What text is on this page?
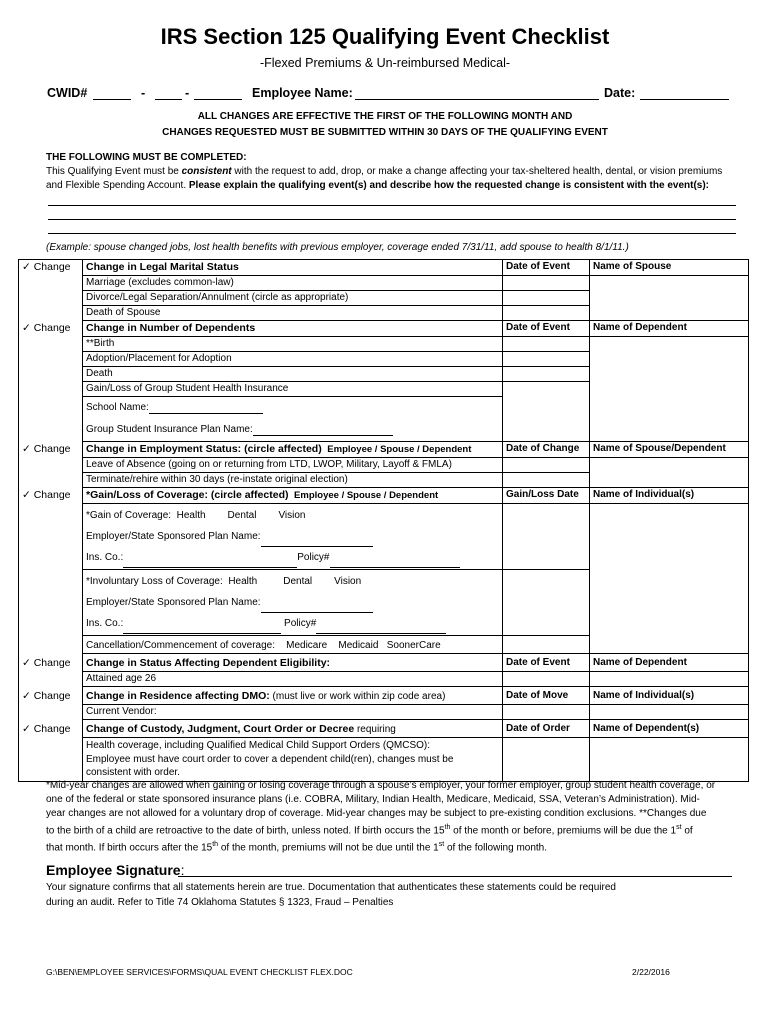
IRS Section 125 Qualifying Event Checklist
-Flexed Premiums & Un-reimbursed Medical-
CWID#	-	-	Employee Name:	Date:
ALL CHANGES ARE EFFECTIVE THE FIRST OF THE FOLLOWING MONTH AND
CHANGES REQUESTED MUST BE SUBMITTED WITHIN 30 DAYS OF THE QUALIFYING EVENT
THE FOLLOWING MUST BE COMPLETED:
This Qualifying Event must be consistent with the request to add, drop, or make a change affecting your tax-sheltered health, dental, or vision premiums
and Flexible Spending Account. Please explain the qualifying event(s) and describe how the requested change is consistent with the event(s):
(Example: spouse changed jobs, lost health benefits with previous employer, coverage ended 7/31/11, add spouse to health 8/1/11.)
✓ Change	Change in Legal Marital Status	Date of Event	Name of Spouse
	Marriage (excludes common-law)		
	Divorce/Legal Separation/Annulment (circle as appropriate)		
	Death of Spouse		
✓ Change	Change in Number of Dependents	Date of Event	Name of Dependent
	**Birth		
	Adoption/Placement for Adoption		
	Death		
	Gain/Loss of Group Student Health Insurance		
	School Name:		
	Group Student Insurance Plan Name:		
✓ Change	Change in Employment Status: (circle affected) Employee / Spouse / Dependent	Date of Change	Name of Spouse/Dependent
	Leave of Absence (going on or returning from LTD, LWOP, Military, Layoff & FMLA)		
	Terminate/rehire within 30 days (re-instate original election)		
✓ Change	*Gain/Loss of Coverage: (circle affected) Employee / Spouse / Dependent	Gain/Loss Date	Name of Individual(s)

	*Gain of Coverage: Health Dental Vision
Employer/State Sponsored Plan Name:
Ins. Co.: Policy#		

	*Involuntary Loss of Coverage: Health Dental Vision
Employer/State Sponsored Plan Name:
Ins. Co.: Policy#		

	Cancellation/Commencement of coverage: Medicare Medicaid SoonerCare		
✓ Change	Change in Status Affecting Dependent Eligibility:	Date of Event	Name of Dependent
	Attained age 26		
✓ Change	Change in Residence affecting DMO: (must live or work within zip code area)	Date of Move	Name of Individual(s)
	Current Vendor:		
✓ Change	Change of Custody, Judgment, Court Order or Decree requiring	Date of Order	Name of Dependent(s)

	Health coverage, including Qualified Medical Child Support Orders (QMCSO):
Employee must have court order to cover a dependent child(ren), changes must be
consistent with order.		

*Mid-year changes are allowed when gaining or losing coverage through a spouse’s employer, your former employer, group student health coverage, or
one of the federal or state sponsored insurance plans (i.e. COBRA, Military, Indian Health, Medicare, Medicaid, SSA, Veteran’s Administration). Mid-
year changes are not allowed for a voluntary drop of coverage. Mid-year changes may be subject to pre-existing condition exclusions. **Changes due
to the birth of a child are retroactive to the date of birth, unless noted. If birth occurs the 15th of the month or before, premiums will be due the 1st of
that month. If birth occurs after the 15th of the month, premiums will not be due until the 1st of the following month.
Employee Signature:
Your signature confirms that all statements herein are true. Documentation that authenticates these statements could be required
during an audit. Refer to Title 74 Oklahoma Statutes § 1323, Fraud – Penalties
G:\BEN\EMPLOYEE SERVICES\FORMS\QUAL EVENT CHECKLIST FLEX.DOC	2/22/2016
